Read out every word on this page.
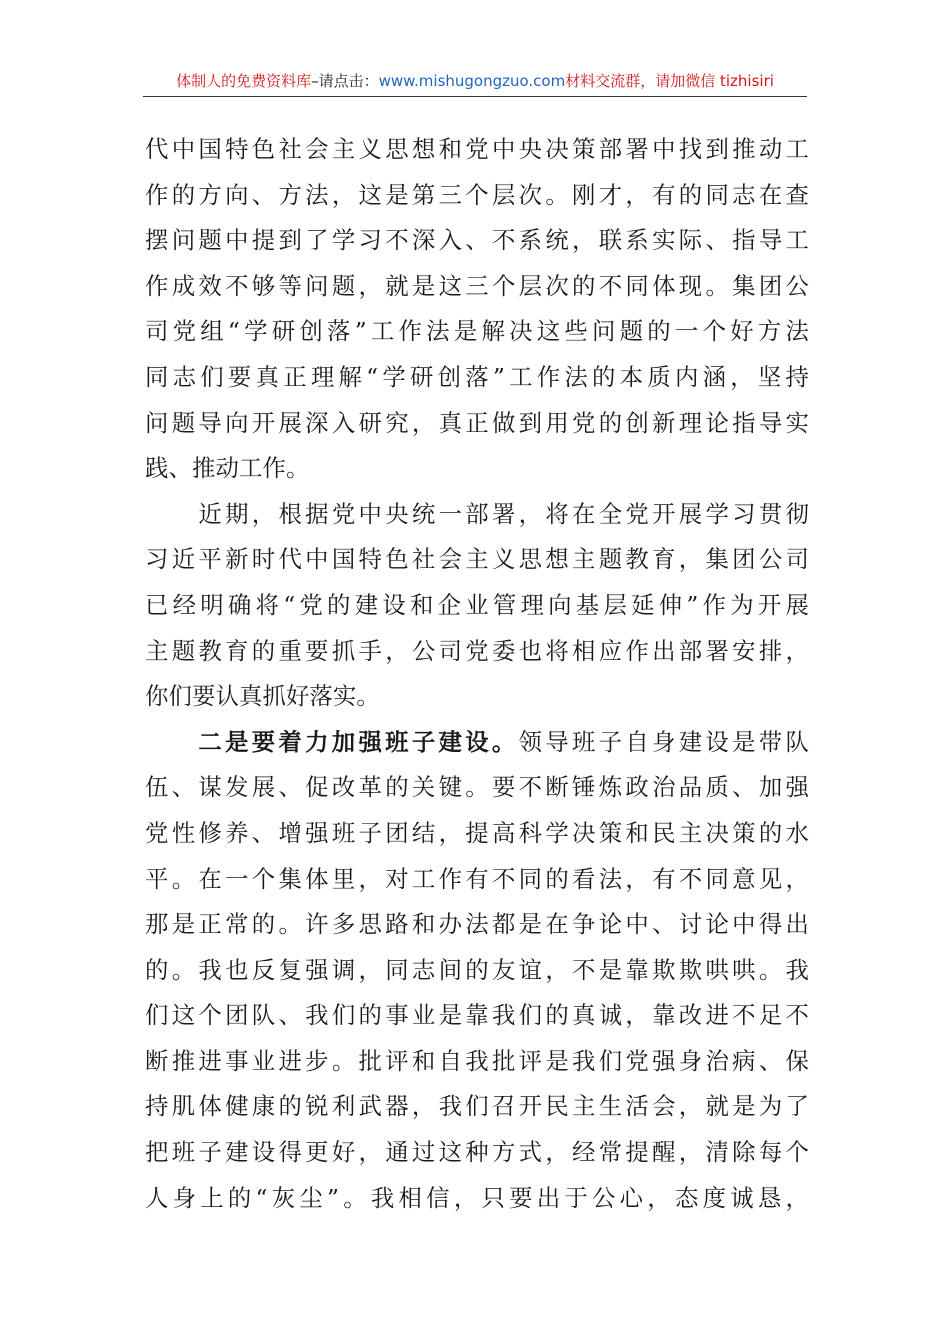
体制人的免费资料库–请点击：www.mishugongzuo.com材料交流群，请加微信 tizhisiri
代中国特色社会主义思想和党中央决策部署中找到推动工
作的方向、方法，这是第三个层次。刚才，有的同志在查
摆问题中提到了学习不深入、不系统，联系实际、指导工
作成效不够等问题，就是这三个层次的不同体现。集团公
司党组“学研创落”工作法是解决这些问题的一个好方法
同志们要真正理解“学研创落”工作法的本质内涵，坚持
问题导向开展深入研究，真正做到用党的创新理论指导实
践、推动工作。
　　近期，根据党中央统一部署，将在全党开展学习贯彻
习近平新时代中国特色社会主义思想主题教育，集团公司
已经明确将“党的建设和企业管理向基层延伸”作为开展
主题教育的重要抓手，公司党委也将相应作出部署安排，
你们要认真抓好落实。
　　二是要着力加强班子建设。领导班子自身建设是带队
伍、谋发展、促改革的关键。要不断锤炼政治品质、加强
党性修养、增强班子团结，提高科学决策和民主决策的水
平。在一个集体里，对工作有不同的看法，有不同意见，
那是正常的。许多思路和办法都是在争论中、讨论中得出
的。我也反复强调，同志间的友谊，不是靠欺欺哄哄。我
们这个团队、我们的事业是靠我们的真诚，靠改进不足不
断推进事业进步。批评和自我批评是我们党强身治病、保
持肌体健康的锐利武器，我们召开民主生活会，就是为了
把班子建设得更好，通过这种方式，经常提醒，清除每个
人身上的“灰尘”。我相信，只要出于公心，态度诚恳，
